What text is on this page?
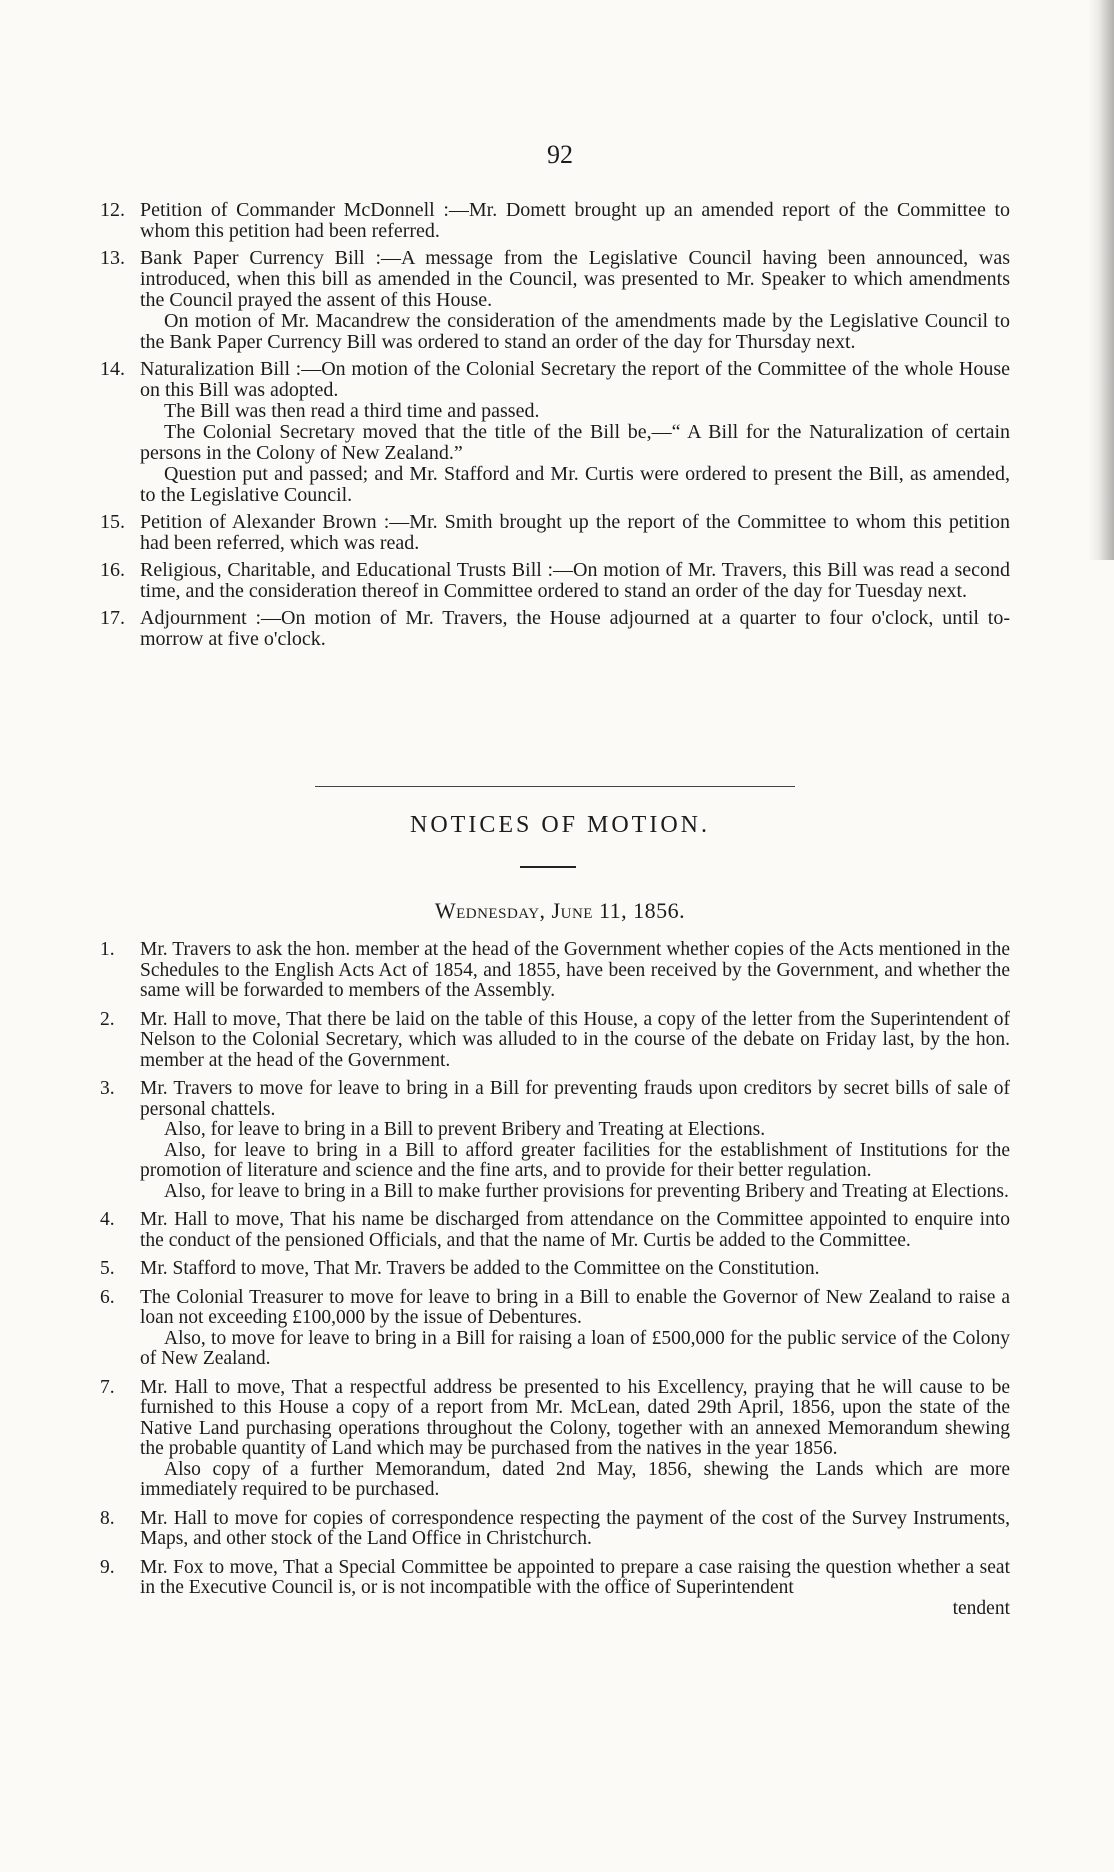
92
12. Petition of Commander McDonnell :—Mr. Domett brought up an amended report of the Committee to whom this petition had been referred.

13. Bank Paper Currency Bill :—A message from the Legislative Council having been announced, was introduced, when this bill as amended in the Council, was presented to Mr. Speaker to which amendments the Council prayed the assent of this House.

On motion of Mr. Macandrew the consideration of the amendments made by the Legislative Council to the Bank Paper Currency Bill was ordered to stand an order of the day for Thursday next.

14. Naturalization Bill :—On motion of the Colonial Secretary the report of the Committee of the whole House on this Bill was adopted.

The Bill was then read a third time and passed.

The Colonial Secretary moved that the title of the Bill be,—“ A Bill for the Naturalization of certain persons in the Colony of New Zealand.”

Question put and passed; and Mr. Stafford and Mr. Curtis were ordered to present the Bill, as amended, to the Legislative Council.

15. Petition of Alexander Brown :—Mr. Smith brought up the report of the Committee to whom this petition had been referred, which was read.

16. Religious, Charitable, and Educational Trusts Bill :—On motion of Mr. Travers, this Bill was read a second time, and the consideration thereof in Committee ordered to stand an order of the day for Tuesday next.

17. Adjournment :—On motion of Mr. Travers, the House adjourned at a quarter to four o'clock, until to-morrow at five o'clock.

NOTICES OF MOTION.
Wednesday, June 11, 1856.
1.	Mr. Travers to ask the hon. member at the head of the Government whether copies of the Acts mentioned in the Schedules to the English Acts Act of 1854, and 1855, have been received by the Government, and whether the same will be forwarded to members of the Assembly.

2.	Mr. Hall to move, That there be laid on the table of this House, a copy of the letter from the Superintendent of Nelson to the Colonial Secretary, which was alluded to in the course of the debate on Friday last, by the hon. member at the head of the Government.

3.	Mr. Travers to move for leave to bring in a Bill for preventing frauds upon creditors by secret bills of sale of personal chattels.

Also, for leave to bring in a Bill to prevent Bribery and Treating at Elections.

Also, for leave to bring in a Bill to afford greater facilities for the establishment of Institutions for the promotion of literature and science and the fine arts, and to provide for their better regulation.

Also, for leave to bring in a Bill to make further provisions for preventing Bribery and Treating at Elections.

4.	Mr. Hall to move, That his name be discharged from attendance on the Committee appointed to enquire into the conduct of the pensioned Officials, and that the name of Mr. Curtis be added to the Committee.

5.	Mr. Stafford to move, That Mr. Travers be added to the Committee on the Constitution.

6.	The Colonial Treasurer to move for leave to bring in a Bill to enable the Governor of New Zealand to raise a loan not exceeding £100,000 by the issue of Debentures.

Also, to move for leave to bring in a Bill for raising a loan of £500,000 for the public service of the Colony of New Zealand.

7.	Mr. Hall to move, That a respectful address be presented to his Excellency, praying that he will cause to be furnished to this House a copy of a report from Mr. McLean, dated 29th April, 1856, upon the state of the Native Land purchasing operations throughout the Colony, together with an annexed Memorandum shewing the probable quantity of Land which may be purchased from the natives in the year 1856.

Also copy of a further Memorandum, dated 2nd May, 1856, shewing the Lands which are more immediately required to be purchased.

8.	Mr. Hall to move for copies of correspondence respecting the payment of the cost of the Survey Instruments, Maps, and other stock of the Land Office in Christchurch.

9.	Mr. Fox to move, That a Special Committee be appointed to prepare a case raising the question whether a seat in the Executive Council is, or is not incompatible with the office of Superintendent

tendent
